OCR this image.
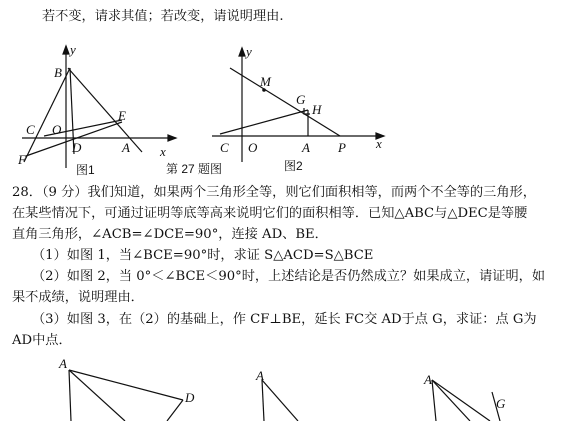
若不变，请求其值；若改变，请说明理由.
y
B
E
C O
F
D	A x
图1	第 27 题图
y
M
G
H
C O	A P x
图2
28．（9 分）我们知道，如果两个三角形全等，则它们面积相等，而两个不全等的三角形，
在某些情况下，可通过证明等底等高来说明它们的面积相等．已知△ABC与△DEC是等腰
直角三角形，∠ACB=∠DCE=90°，连接 AD、BE．
（1）如图 1，当∠BCE=90°时，求证 S△ACD=S△BCE
（2）如图 2，当 0°＜∠BCE＜90°时，上述结论是否仍然成立？如果成立，请证明，如
果不成绩，说明理由．
（3）如图 3，在（2）的基础上，作 CF⊥BE，延长 FC交 AD于点 G，求证：点 G为
AD中点．
A
D
A	A
G
